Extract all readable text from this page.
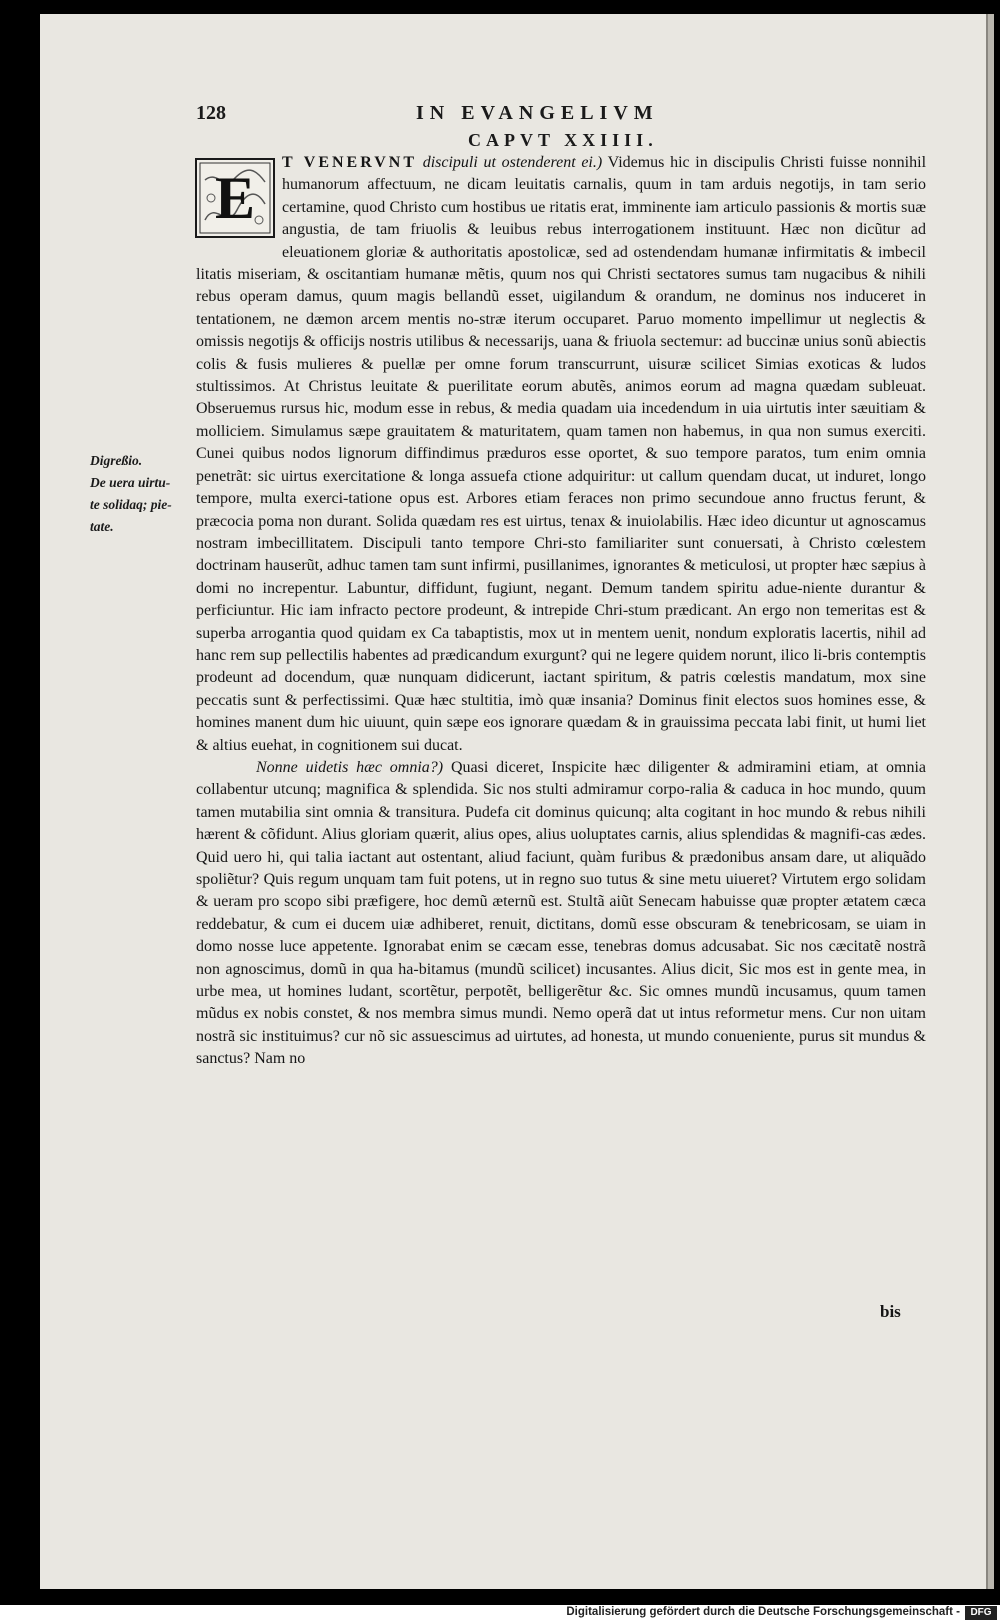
128	IN EVANGELIVM
CAPVT XXIIII.
E

T VENERVNT discipuli ut ostenderent ei.) Videmus hic in discipulis Christi fuisse nonnihil humanorum affectuum, ne dicam leuitatis carnalis, quum in tam arduis negotijs, in tam serio certamine, quod Christo cum hostibus ue ritatis erat, imminente iam articulo passionis & mortis suæ angustia, de tam friuolis & leuibus rebus interrogationem instituunt. Hæc non dicũtur ad eleuationem gloriæ & authoritatis apostolicæ, sed ad ostendendam humanæ infirmitatis & imbecil litatis miseriam, & oscitantiam humanæ mẽtis, quum nos qui Christi sectatores sumus tam nugacibus & nihili rebus operam damus, quum magis bellandũ esset, uigilandum & orandum, ne dominus nos induceret in tentationem, ne dæmon arcem mentis no-stræ iterum occuparet. Paruo momento impellimur ut neglectis & omissis negotijs & officijs nostris utilibus & necessarijs, uana & friuola sectemur: ad buccinæ unius sonũ abiectis colis & fusis mulieres & puellæ per omne forum transcurrunt, uisuræ scilicet Simias exoticas & ludos stultissimos. At Christus leuitate & puerilitate eorum abutẽs, animos eorum ad magna quædam subleuat. Obseruemus rursus hic, modum esse in rebus, & media quadam uia incedendum in uia uirtutis inter sæuitiam & molliciem. Simulamus sæpe grauitatem & maturitatem, quam tamen non habemus, in qua non sumus exerciti. Cunei quibus nodos lignorum diffindimus præduros esse oportet, & suo tempore paratos, tum enim omnia penetrãt: sic uirtus exercitatione & longa assuefa ctione adquiritur: ut callum quendam ducat, ut induret, longo tempore, multa exerci-tatione opus est. Arbores etiam feraces non primo secundoue anno fructus ferunt, & præcocia poma non durant. Solida quædam res est uirtus, tenax & inuiolabilis. Hæc ideo dicuntur ut agnoscamus nostram imbecillitatem. Discipuli tanto tempore Chri-sto familiariter sunt conuersati, à Christo cœlestem doctrinam hauserũt, adhuc tamen tam sunt infirmi, pusillanimes, ignorantes & meticulosi, ut propter hæc sæpius à domi no increpentur. Labuntur, diffidunt, fugiunt, negant. Demum tandem spiritu adue-niente durantur & perficiuntur. Hic iam infracto pectore prodeunt, & intrepide Chri-stum prædicant. An ergo non temeritas est & superba arrogantia quod quidam ex Ca tabaptistis, mox ut in mentem uenit, nondum exploratis lacertis, nihil ad hanc rem sup pellectilis habentes ad prædicandum exurgunt? qui ne legere quidem norunt, ilico li-bris contemptis prodeunt ad docendum, quæ nunquam didicerunt, iactant spiritum, & patris cœlestis mandatum, mox sine peccatis sunt & perfectissimi. Quæ hæc stultitia, imò quæ insania? Dominus finit electos suos homines esse, & homines manent dum hic uiuunt, quin sæpe eos ignorare quædam & in grauissima peccata labi finit, ut humi liet & altius euehat, in cognitionem sui ducat.

Nonne uidetis hæc omnia?) Quasi diceret, Inspicite hæc diligenter & admiramini etiam, at omnia collabentur utcunq; magnifica & splendida. Sic nos stulti admiramur corpo-ralia & caduca in hoc mundo, quum tamen mutabilia sint omnia & transitura. Pudefa cit dominus quicunq; alta cogitant in hoc mundo & rebus nihili hærent & cõfidunt. Alius gloriam quærit, alius opes, alius uoluptates carnis, alius splendidas & magnifi-cas ædes. Quid uero hi, qui talia iactant aut ostentant, aliud faciunt, quàm furibus & prædonibus ansam dare, ut aliquãdo spoliẽtur? Quis regum unquam tam fuit potens, ut in regno suo tutus & sine metu uiueret? Virtutem ergo solidam & ueram pro scopo sibi præfigere, hoc demũ æternũ est. Stultã aiũt Senecam habuisse quæ propter ætatem cæca reddebatur, & cum ei ducem uiæ adhiberet, renuit, dictitans, domũ esse obscuram & tenebricosam, se uiam in domo nosse luce appetente. Ignorabat enim se cæcam esse, tenebras domus adcusabat. Sic nos cæcitatẽ nostrã non agnoscimus, domũ in qua ha-bitamus (mundũ scilicet) incusantes. Alius dicit, Sic mos est in gente mea, in urbe mea, ut homines ludant, scortẽtur, perpotẽt, belligerẽtur &c. Sic omnes mundũ incusamus, quum tamen mũdus ex nobis constet, & nos membra simus mundi. Nemo operã dat ut intus reformetur mens. Cur non uitam nostrã sic instituimus? cur nõ sic assuescimus ad uirtutes, ad honesta, ut mundo conueniente, purus sit mundus & sanctus? Nam no

Digreßio.
De uera uirtu-
te solidaq; pie-
tate.
bis
Digitalisierung gefördert durch die Deutsche Forschungsgemeinschaft -	DFG
